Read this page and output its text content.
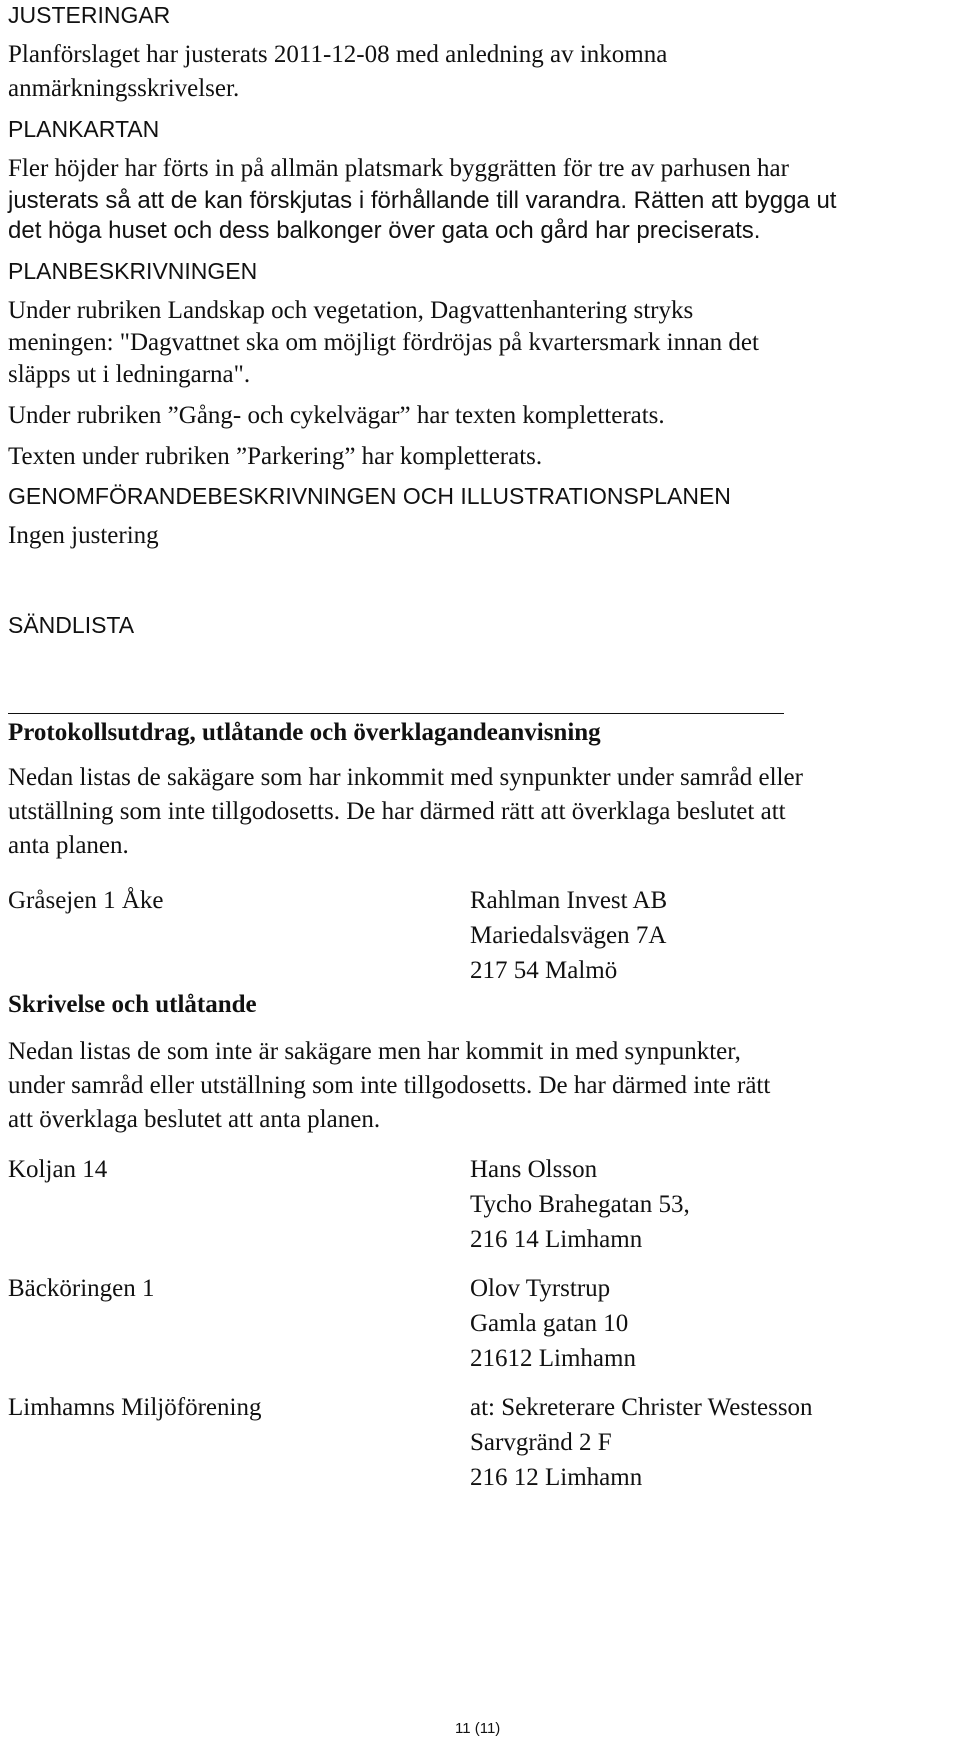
JUSTERINGAR
Planförslaget har justerats 2011-12-08 med anledning av inkomna
anmärkningsskrivelser.
PLANKARTAN
Fler höjder har förts in på allmän platsmark byggrätten för tre av parhusen har
justerats så att de kan förskjutas i förhållande till varandra. Rätten att bygga ut
det höga huset och dess balkonger över gata och gård har preciserats.
PLANBESKRIVNINGEN
Under rubriken Landskap och vegetation, Dagvattenhantering stryks
meningen: "Dagvattnet ska om möjligt fördröjas på kvartersmark innan det
släpps ut i ledningarna".
Under rubriken ”Gång- och cykelvägar” har texten kompletterats.
Texten under rubriken ”Parkering” har kompletterats.
GENOMFÖRANDEBESKRIVNINGEN OCH ILLUSTRATIONSPLANEN
Ingen justering
SÄNDLISTA
Protokollsutdrag, utlåtande och överklagandeanvisning
Nedan listas de sakägare som har inkommit med synpunkter under samråd eller
utställning som inte tillgodosetts. De har därmed rätt att överklaga beslutet att
anta planen.
Gråsejen 1 Åke	Rahlman Invest AB
Mariedalsvägen 7A
217 54 Malmö
Skrivelse och utlåtande
Nedan listas de som inte är sakägare men har kommit in med synpunkter,
under samråd eller utställning som inte tillgodosetts. De har därmed inte rätt
att överklaga beslutet att anta planen.
Koljan 14	Hans Olsson
Tycho Brahegatan 53,
216 14 Limhamn
Bäcköringen 1	Olov Tyrstrup
Gamla gatan 10
21612 Limhamn
Limhamns Miljöförening	at: Sekreterare Christer Westesson
Sarvgränd 2 F
216 12 Limhamn
11 (11)
